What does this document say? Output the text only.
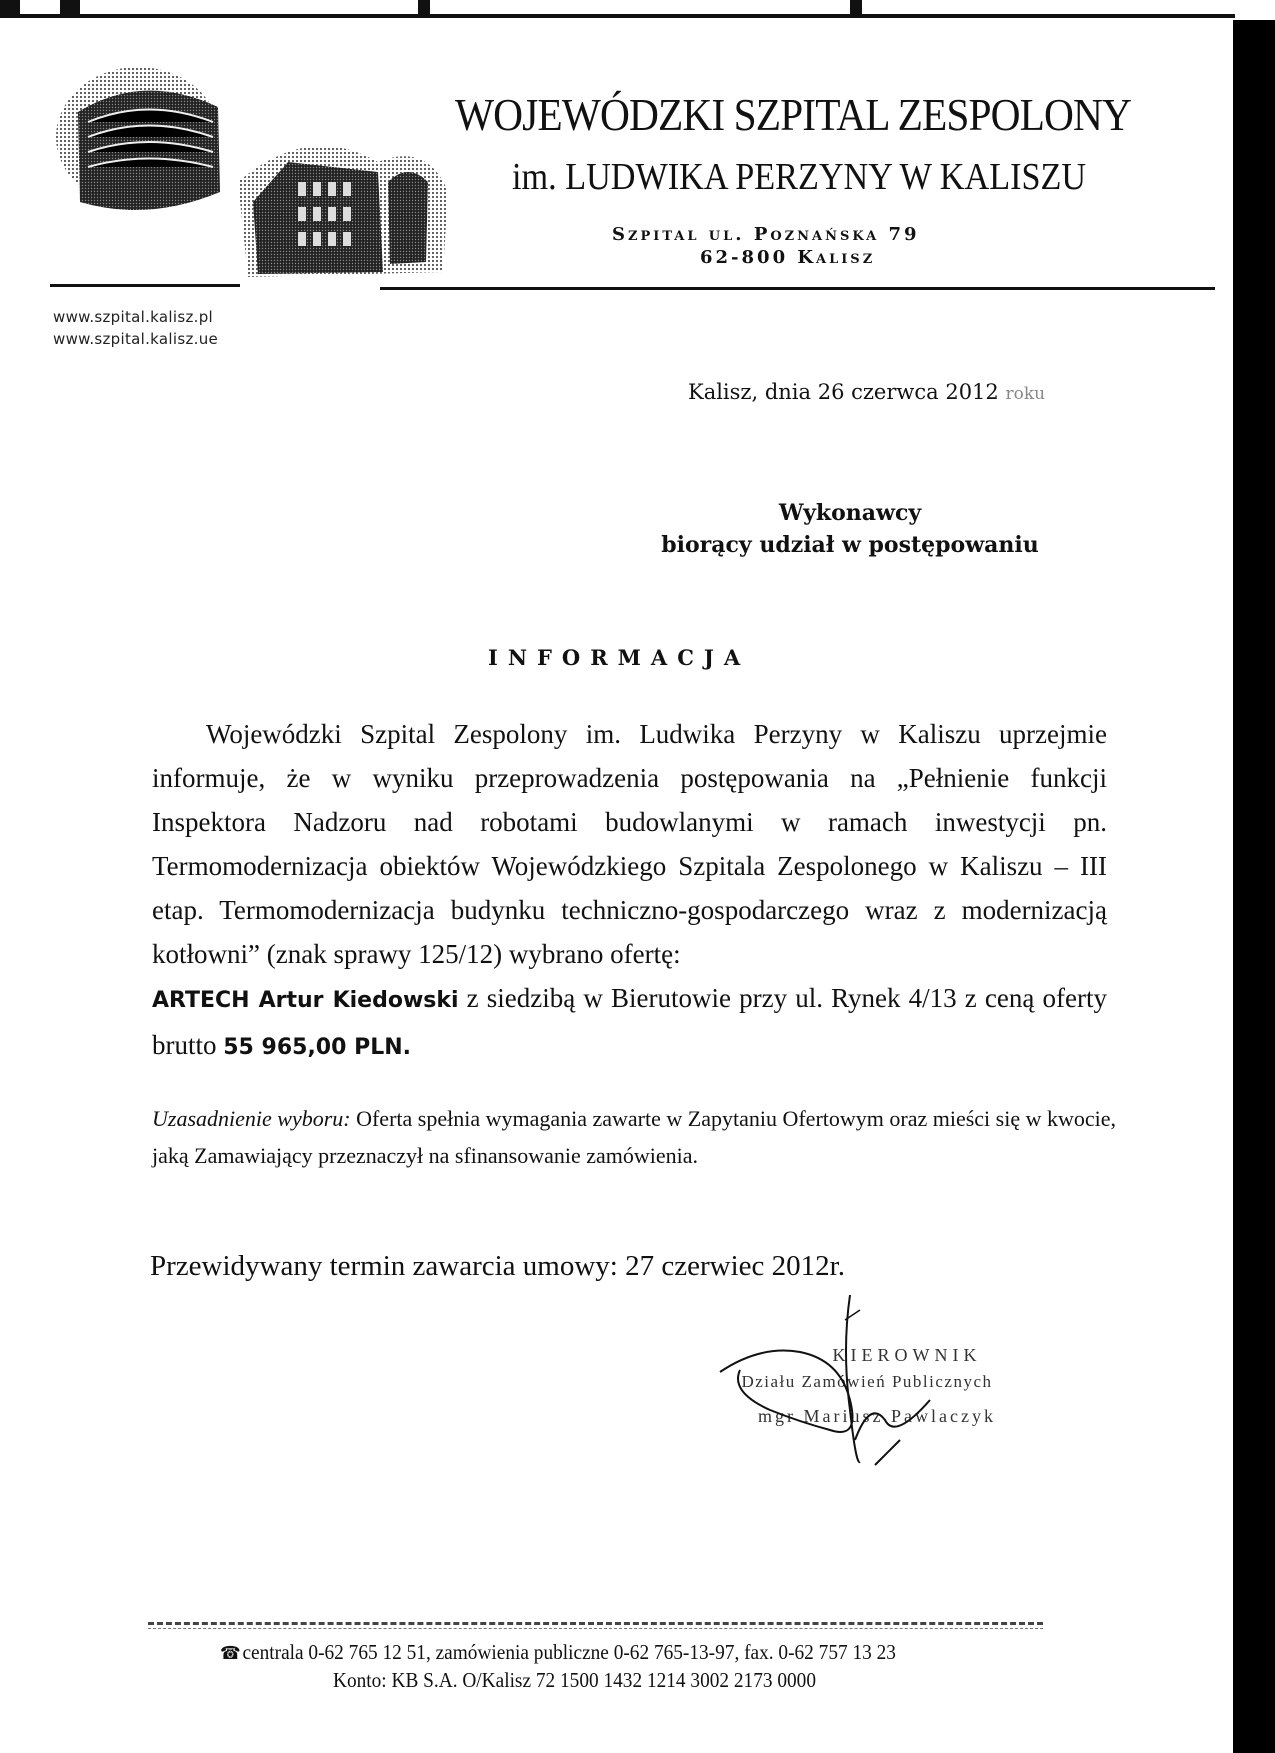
WOJEWÓDZKI SZPITAL ZESPOLONY
im. LUDWIKA PERZYNY W KALISZU
Szpital ul. Poznańska 79
62-800 Kalisz
www.szpital.kalisz.pl
www.szpital.kalisz.ue
Kalisz, dnia 26 czerwca 2012 roku
Wykonawcy
biorący udział w postępowaniu
INFORMACJA
Wojewódzki Szpital Zespolony im. Ludwika Perzyny w Kaliszu uprzejmie informuje, że w wyniku przeprowadzenia postępowania na „Pełnienie funkcji Inspektora Nadzoru nad robotami budowlanymi w ramach inwestycji pn. Termomodernizacja obiektów Wojewódzkiego Szpitala Zespolonego w Kaliszu – III etap. Termomodernizacja budynku techniczno-gospodarczego wraz z modernizacją kotłowni” (znak sprawy 125/12) wybrano ofertę:
ARTECH Artur Kiedowski z siedzibą w Bierutowie przy ul. Rynek 4/13 z ceną oferty brutto 55 965,00 PLN.
Uzasadnienie wyboru: Oferta spełnia wymagania zawarte w Zapytaniu Ofertowym oraz mieści się w kwocie, jaką Zamawiający przeznaczył na sfinansowanie zamówienia.
Przewidywany termin zawarcia umowy: 27 czerwiec 2012r.
KIEROWNIK
Działu Zamówień Publicznych
mgr Mariusz Pawlaczyk
☎centrala 0-62 765 12 51, zamówienia publiczne 0-62 765-13-97, fax. 0-62 757 13 23
Konto: KB S.A. O/Kalisz 72 1500 1432 1214 3002 2173 0000
